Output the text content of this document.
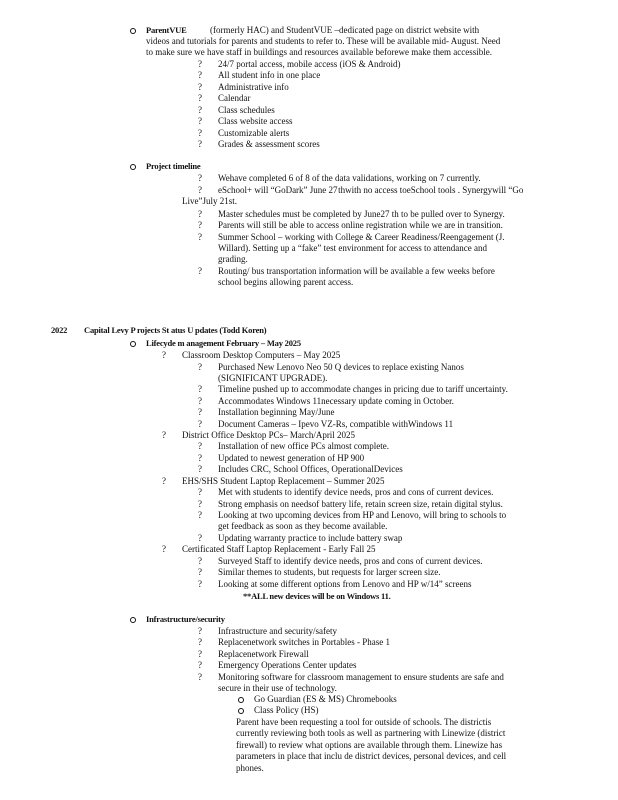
ParentVUE	(formerly HAC) and StudentVUE –dedicated page on district website with
videos and tutorials for parents and students to refer to. These will be available mid- August. Need
to make sure we have staff in buildings and resources available beforewe make them accessible.
? 24/7 portal access, mobile access (iOS & Android)
? All student info in one place
? Administrative info
? Calendar
? Class schedules
? Class website access
? Customizable alerts
? Grades & assessment scores
Project timeline
? Wehave completed 6 of 8 of the data validations, working on 7 currently.
? eSchool+ will “GoDark” June 27 thwith no access toeSchool tools . Synergywill “Go
Live”July 21st.
? Master schedules must be completed by June27 th to be pulled over to Synergy.
? Parents will still be able to access online registration while we are in transition.
? Summer School – working with College & Career Readiness/Reengagement (J.
Willard). Setting up a “fake” test environment for access to attendance and
grading.
? Routing/ bus transportation information will be available a few weeks before
school begins allowing parent access.
2022 Capital Levy P rojects St atus U pdates (Todd Koren)
Lifecyde m anagement February – May 2025
? Classroom Desktop Computers – May 2025
? Purchased New Lenovo Neo 50 Q devices to replace existing Nanos
(SIGNIFICANT UPGRADE).
? Timeline pushed up to accommodate changes in pricing due to tariff uncertainty.
? Accommodates Windows 11necessary update coming in October.
? Installation beginning May/June
? Document Cameras – Ipevo VZ-Rs, compatible withWindows 11
? District Office Desktop PCs– March/April 2025
? Installation of new office PCs almost complete.
? Updated to newest generation of HP 900
? Includes CRC, School Offices, OperationalDevices
? EHS/SHS Student Laptop Replacement – Summer 2025
? Met with students to identify device needs, pros and cons of current devices.
? Strong emphasis on needsof battery life, retain screen size, retain digital stylus.
? Looking at two upcoming devices from HP and Lenovo, will bring to schools to
get feedback as soon as they become available.
? Updating warranty practice to include battery swap
? Certificated Staff Laptop Replacement - Early Fall 25
? Surveyed Staff to identify device needs, pros and cons of current devices.
? Similar themes to students, but requests for larger screen size.
? Looking at some different options from Lenovo and HP w/14” screens
**ALL new devices will be on Windows 11.
Infrastructure/security
? Infrastructure and security/safety
? Replacenetwork switches in Portables - Phase 1
? Replacenetwork Firewall
? Emergency Operations Center updates
? Monitoring software for classroom management to ensure students are safe and
secure in their use of technology.
Go Guardian (ES & MS) Chromebooks
Class Policy (HS)
Parent have been requesting a tool for outside of schools. The districtis
currently reviewing both tools as well as partnering with Linewize (district
firewall) to review what options are available through them. Linewize has
parameters in place that inclu de district devices, personal devices, and cell
phones.
